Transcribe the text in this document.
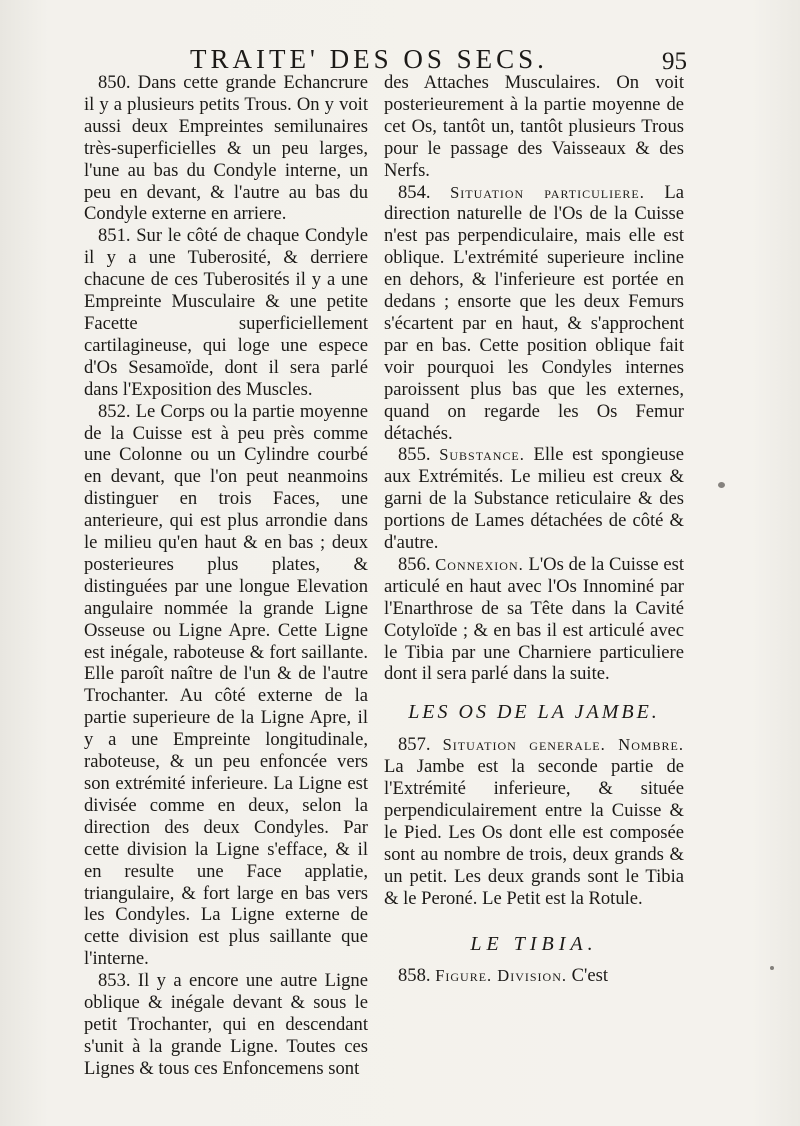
TRAITE' DES OS SECS.	95

850. Dans cette grande Echancrure il y a plusieurs petits Trous. On y voit aussi deux Empreintes semilunaires très-superficielles & un peu larges, l'une au bas du Condyle interne, un peu en devant, & l'autre au bas du Condyle externe en arriere.

851. Sur le côté de chaque Condyle il y a une Tuberosité, & derriere chacune de ces Tuberosités il y a une Empreinte Musculaire & une petite Facette superficiellement cartilagineuse, qui loge une espece d'Os Sesamoïde, dont il sera parlé dans l'Exposition des Muscles.

852. Le Corps ou la partie moyenne de la Cuisse est à peu près comme une Colonne ou un Cylindre courbé en devant, que l'on peut neanmoins distinguer en trois Faces, une anterieure, qui est plus arrondie dans le milieu qu'en haut & en bas ; deux posterieures plus plates, & distinguées par une longue Elevation angulaire nommée la grande Ligne Osseuse ou Ligne Apre. Cette Ligne est inégale, raboteuse & fort saillante. Elle paroît naître de l'un & de l'autre Trochanter. Au côté externe de la partie superieure de la Ligne Apre, il y a une Empreinte longitudinale, raboteuse, & un peu enfoncée vers son extrémité inferieure. La Ligne est divisée comme en deux, selon la direction des deux Condyles. Par cette division la Ligne s'efface, & il en resulte une Face applatie, triangulaire, & fort large en bas vers les Condyles. La Ligne externe de cette division est plus saillante que l'interne.

853. Il y a encore une autre Ligne oblique & inégale devant & sous le petit Trochanter, qui en descendant s'unit à la grande Ligne. Toutes ces Lignes & tous ces Enfoncemens sont

des Attaches Musculaires. On voit posterieurement à la partie moyenne de cet Os, tantôt un, tantôt plusieurs Trous pour le passage des Vaisseaux & des Nerfs.

854. Situation particuliere. La direction naturelle de l'Os de la Cuisse n'est pas perpendiculaire, mais elle est oblique. L'extrémité superieure incline en dehors, & l'inferieure est portée en dedans ; ensorte que les deux Femurs s'écartent par en haut, & s'approchent par en bas. Cette position oblique fait voir pourquoi les Condyles internes paroissent plus bas que les externes, quand on regarde les Os Femur détachés.

855. Substance. Elle est spongieuse aux Extrémités. Le milieu est creux & garni de la Substance reticulaire & des portions de Lames détachées de côté & d'autre.

856. Connexion. L'Os de la Cuisse est articulé en haut avec l'Os Innominé par l'Enarthrose de sa Tête dans la Cavité Cotyloïde ; & en bas il est articulé avec le Tibia par une Charniere particuliere dont il sera parlé dans la suite.

LES OS DE LA JAMBE.

857. Situation generale. Nombre. La Jambe est la seconde partie de l'Extrémité inferieure, & située perpendiculairement entre la Cuisse & le Pied. Les Os dont elle est composée sont au nombre de trois, deux grands & un petit. Les deux grands sont le Tibia & le Peroné. Le Petit est la Rotule.

LE TIBIA.

858. Figure. Division. C'est
